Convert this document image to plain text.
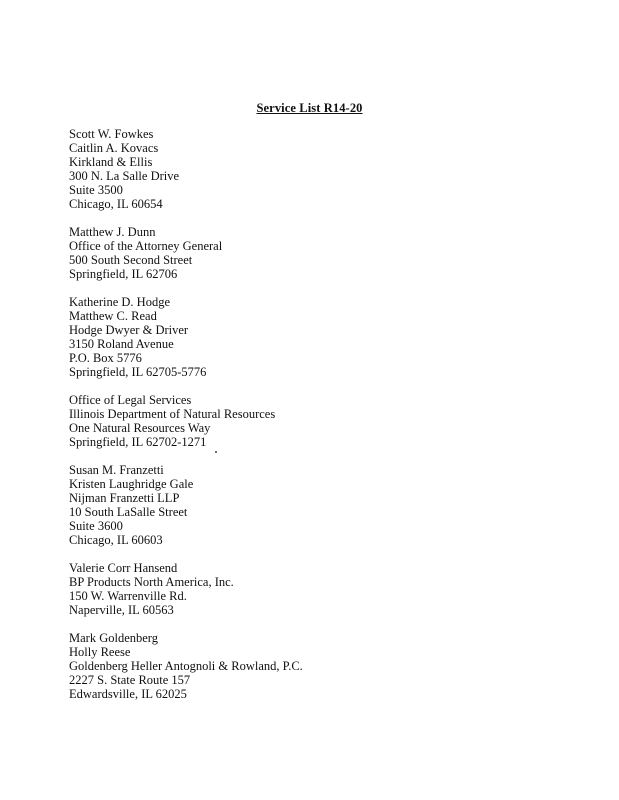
Service List R14-20
Scott W. Fowkes
Caitlin A. Kovacs
Kirkland & Ellis
300 N. La Salle Drive
Suite 3500
Chicago, IL 60654
Matthew J. Dunn
Office of the Attorney General
500 South Second Street
Springfield, IL 62706
Katherine D. Hodge
Matthew C. Read
Hodge Dwyer & Driver
3150 Roland Avenue
P.O. Box 5776
Springfield, IL 62705-5776
Office of Legal Services
Illinois Department of Natural Resources
One Natural Resources Way
Springfield, IL 62702-1271
Susan M. Franzetti
Kristen Laughridge Gale
Nijman Franzetti LLP
10 South LaSalle Street
Suite 3600
Chicago, IL 60603
Valerie Corr Hansend
BP Products North America, Inc.
150 W. Warrenville Rd.
Naperville, IL 60563
Mark Goldenberg
Holly Reese
Goldenberg Heller Antognoli & Rowland, P.C.
2227 S. State Route 157
Edwardsville, IL 62025
